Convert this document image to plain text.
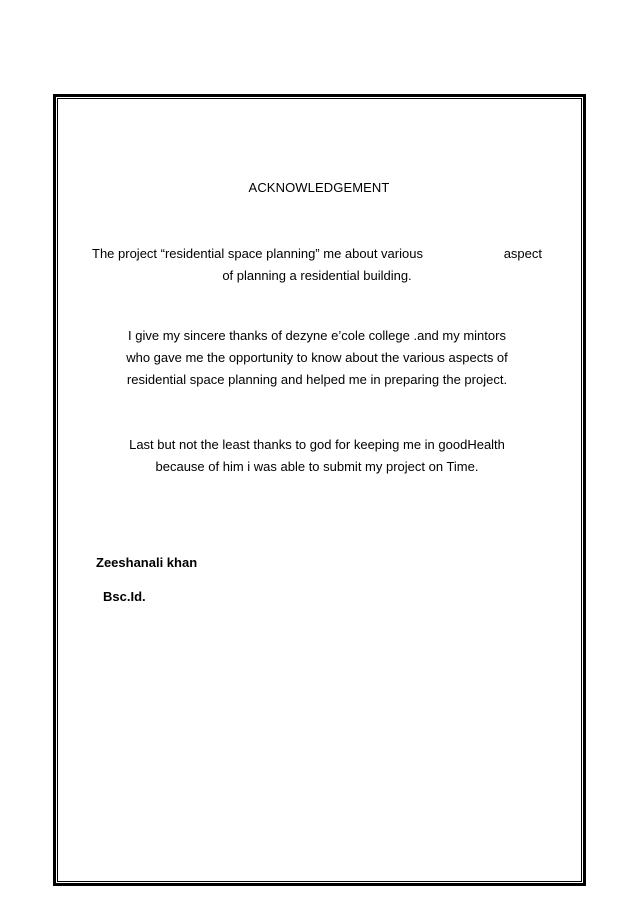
ACKNOWLEDGEMENT
The project “residential space planning” me about various	aspect
of planning a residential building.
I give my sincere thanks of dezyne e’cole college .and my mintors
who gave me the opportunity to know about the various aspects of
residential space planning and helped me in preparing the project.
Last but not the least thanks to god for keeping me in goodHealth
because of him i was able to submit my project on Time.
Zeeshanali khan
Bsc.Id.
